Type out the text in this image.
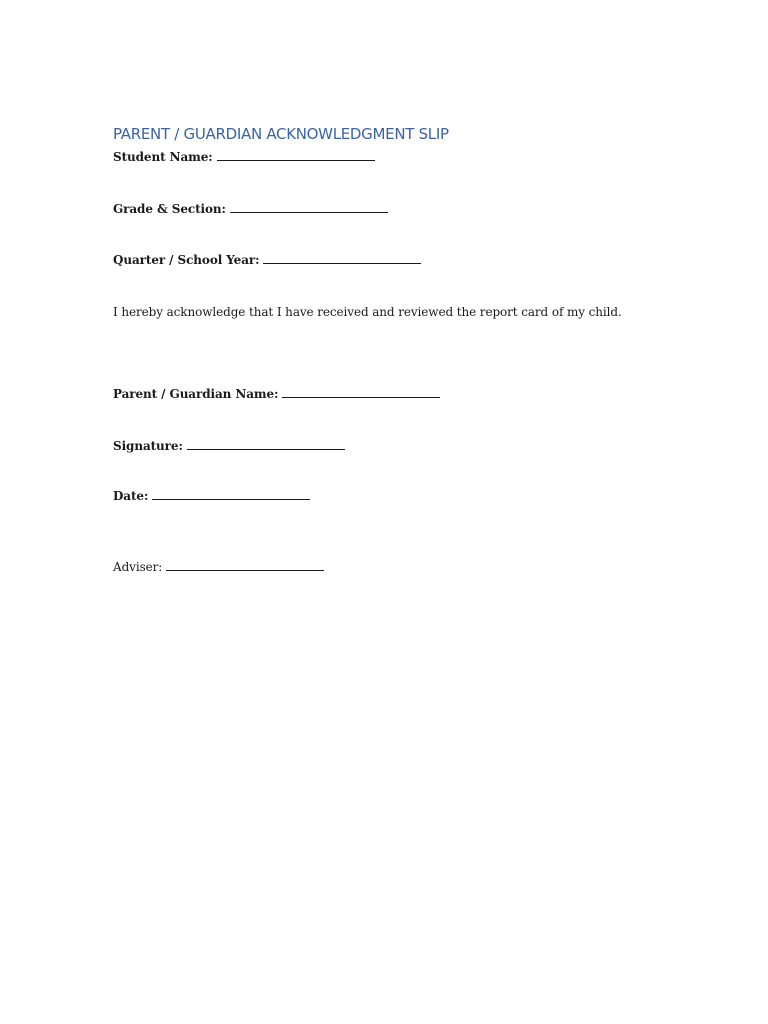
PARENT / GUARDIAN ACKNOWLEDGMENT SLIP
Student Name:
Grade & Section:
Quarter / School Year:
I hereby acknowledge that I have received and reviewed the report card of my child.
Parent / Guardian Name:
Signature:
Date:
Adviser:
